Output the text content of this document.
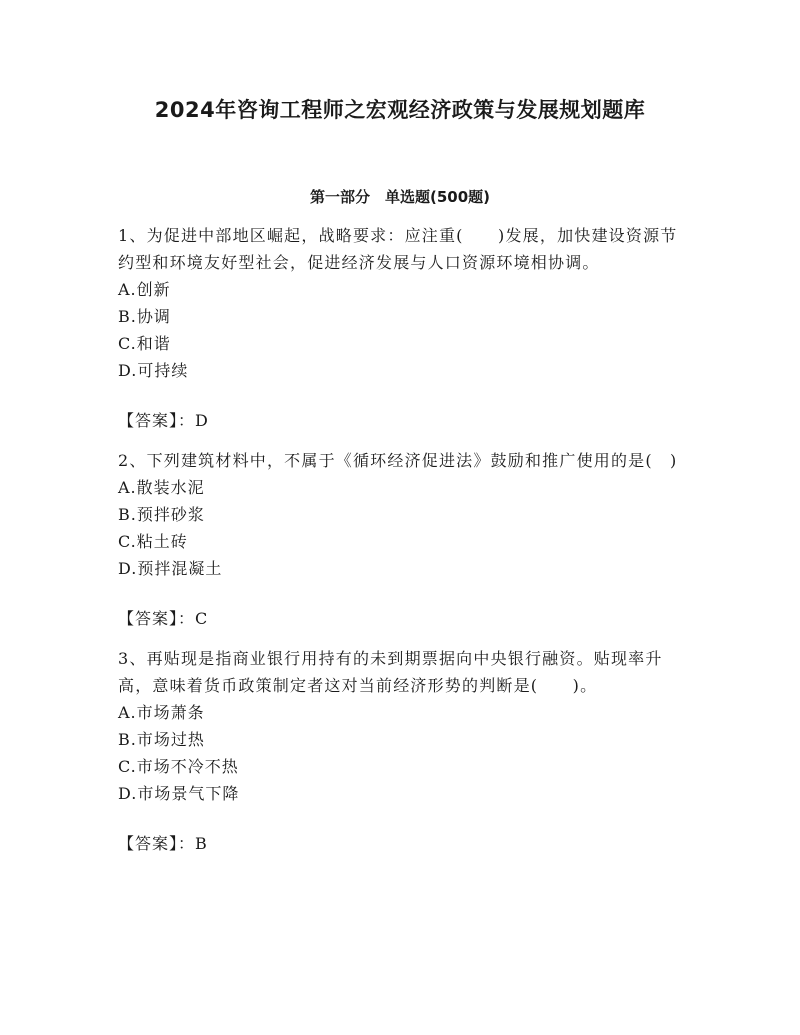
2024年咨询工程师之宏观经济政策与发展规划题库
第一部分　单选题(500题)

1、为促进中部地区崛起，战略要求：应注重(　　)发展，加快建设资源节约型和环境友好型社会，促进经济发展与人口资源环境相协调。

A.创新

B.协调

C.和谐

D.可持续

【答案】：D

2、下列建筑材料中，不属于《循环经济促进法》鼓励和推广使用的是(　)

A.散装水泥

B.预拌砂浆

C.粘土砖

D.预拌混凝土

【答案】：C

3、再贴现是指商业银行用持有的未到期票据向中央银行融资。贴现率升高，意味着货币政策制定者这对当前经济形势的判断是(　　)。

A.市场萧条

B.市场过热

C.市场不冷不热

D.市场景气下降

【答案】：B
